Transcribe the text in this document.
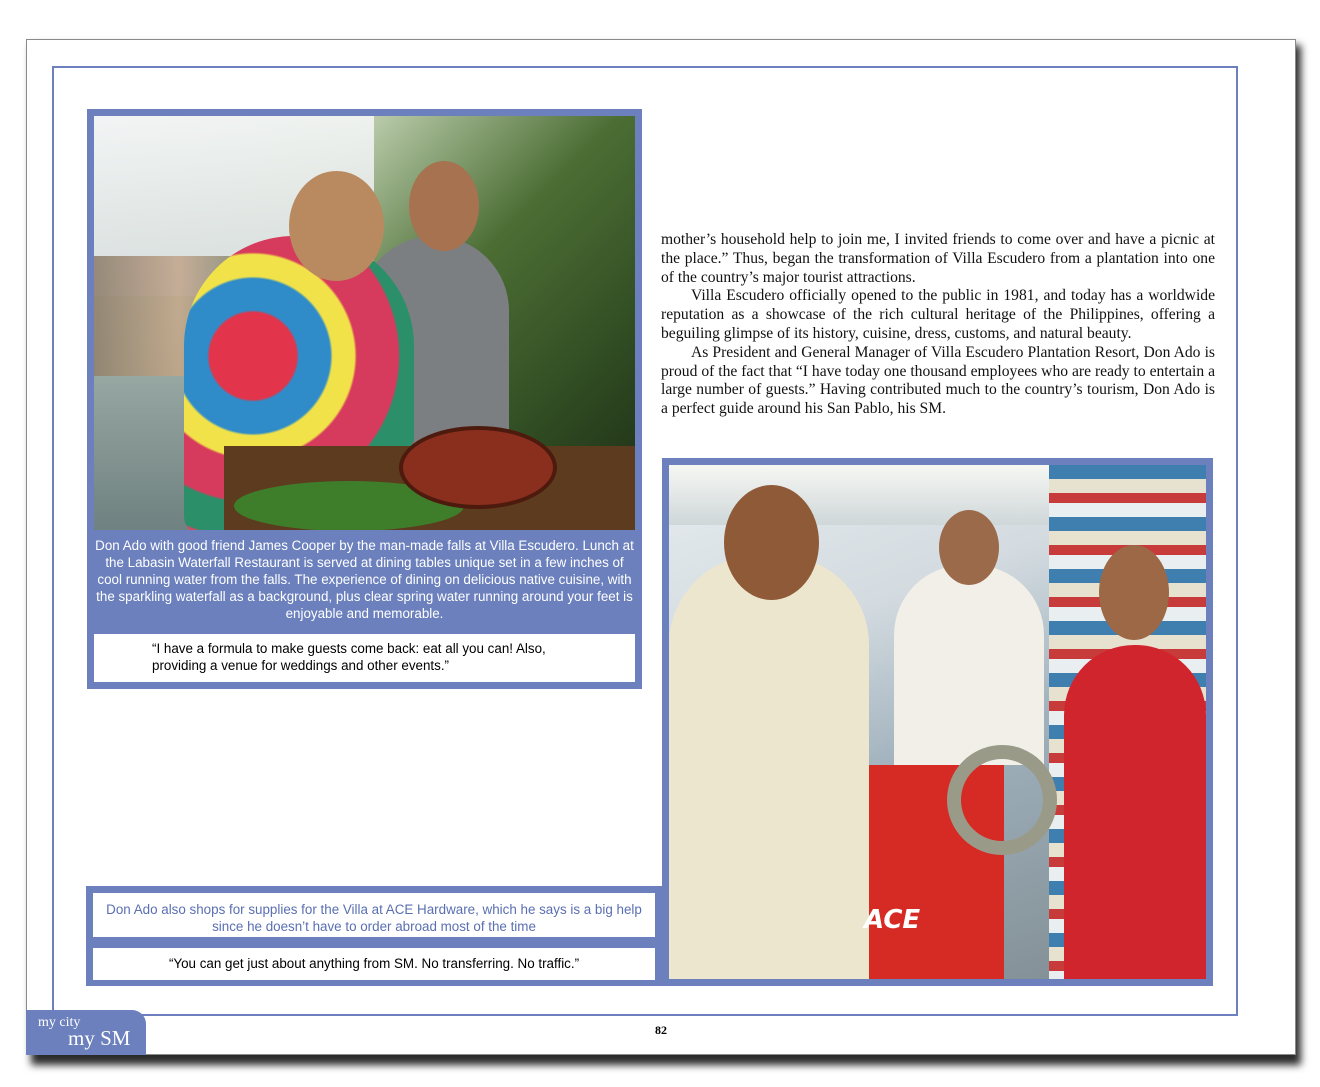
Don Ado with good friend James Cooper by the man-made falls at Villa Escudero. Lunch at the Labasin Waterfall Restaurant is served at dining tables unique set in a few inches of cool running water from the falls. The experience of dining on delicious native cuisine, with the sparkling waterfall as a background, plus clear spring water running around your feet is enjoyable and memorable.
“I have a formula to make guests come back: eat all you can! Also, providing a venue for weddings and other events.”

mother’s household help to join me, I invited friends to come over and have a picnic at the place.” Thus, began the transformation of Villa Escudero from a plantation into one of the country’s major tourist attractions.

Villa Escudero officially opened to the public in 1981, and today has a worldwide reputation as a showcase of the rich cultural heritage of the Philippines, offering a beguiling glimpse of its history, cuisine, dress, customs, and natural beauty.

As President and General Manager of Villa Escudero Plantation Resort, Don Ado is proud of the fact that “I have today one thousand employees who are ready to entertain a large number of guests.” Having contributed much to the country’s tourism, Don Ado is a perfect guide around his San Pablo, his SM.

ACE
Don Ado also shops for supplies for the Villa at ACE Hardware, which he says is a big help since he doesn’t have to order abroad most of the time
“You can get just about anything from SM. No transferring. No traffic.”
82
my city
my SM
